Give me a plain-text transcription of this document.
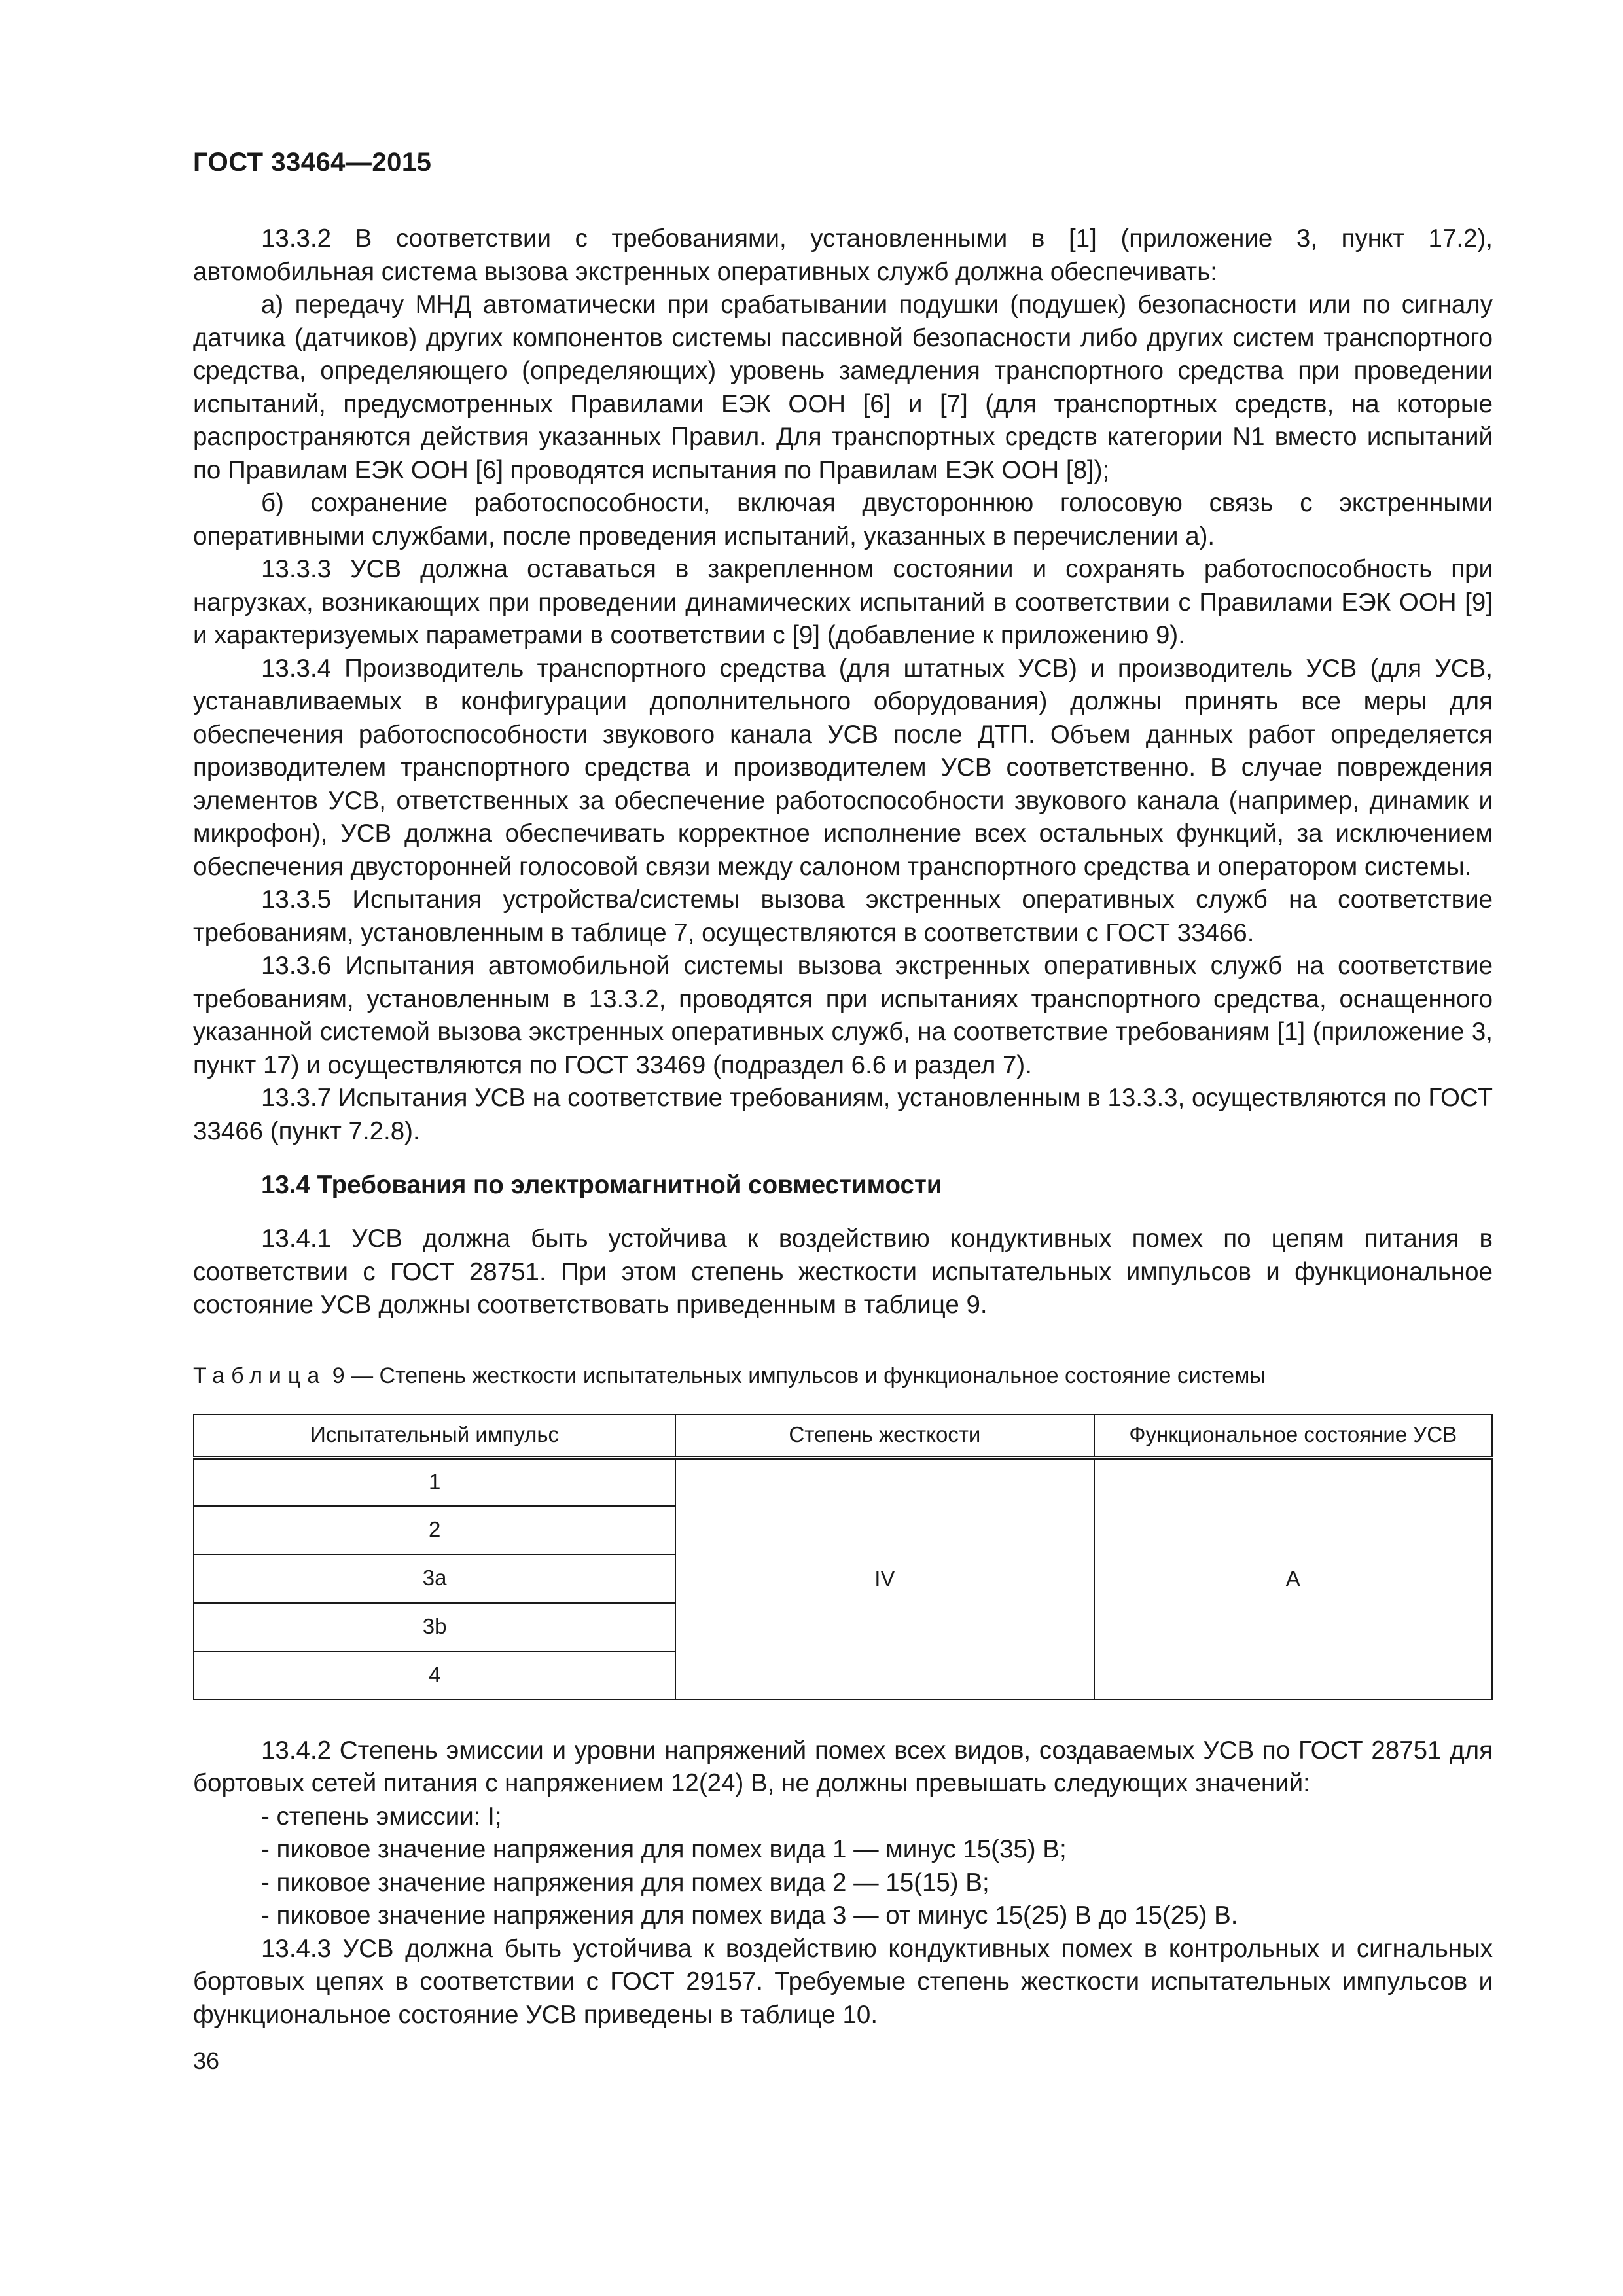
ГОСТ 33464—2015

13.3.2 В соответствии с требованиями, установленными в [1] (приложение 3, пункт 17.2), автомобильная система вызова экстренных оперативных служб должна обеспечивать:

а) передачу МНД автоматически при срабатывании подушки (подушек) безопасности или по сигналу датчика (датчиков) других компонентов системы пассивной безопасности либо других систем транспортного средства, определяющего (определяющих) уровень замедления транспортного средства при проведении испытаний, предусмотренных Правилами ЕЭК ООН [6] и [7] (для транспортных средств, на которые распространяются действия указанных Правил. Для транспортных средств категории N1 вместо испытаний по Правилам ЕЭК ООН [6] проводятся испытания по Правилам ЕЭК ООН [8]);

б) сохранение работоспособности, включая двустороннюю голосовую связь с экстренными оперативными службами, после проведения испытаний, указанных в перечислении а).

13.3.3 УСВ должна оставаться в закрепленном состоянии и сохранять работоспособность при нагрузках, возникающих при проведении динамических испытаний в соответствии с Правилами ЕЭК ООН [9] и характеризуемых параметрами в соответствии с [9] (добавление к приложению 9).

13.3.4 Производитель транспортного средства (для штатных УСВ) и производитель УСВ (для УСВ, устанавливаемых в конфигурации дополнительного оборудования) должны принять все меры для обеспечения работоспособности звукового канала УСВ после ДТП. Объем данных работ определяется производителем транспортного средства и производителем УСВ соответственно. В случае повреждения элементов УСВ, ответственных за обеспечение работоспособности звукового канала (например, динамик и микрофон), УСВ должна обеспечивать корректное исполнение всех остальных функций, за исключением обеспечения двусторонней голосовой связи между салоном транспортного средства и оператором системы.

13.3.5 Испытания устройства/системы вызова экстренных оперативных служб на соответствие требованиям, установленным в таблице 7, осуществляются в соответствии с ГОСТ 33466.

13.3.6 Испытания автомобильной системы вызова экстренных оперативных служб на соответствие требованиям, установленным в 13.3.2, проводятся при испытаниях транспортного средства, оснащенного указанной системой вызова экстренных оперативных служб, на соответствие требованиям [1] (приложение 3, пункт 17) и осуществляются по ГОСТ 33469 (подраздел 6.6 и раздел 7).

13.3.7 Испытания УСВ на соответствие требованиям, установленным в 13.3.3, осуществляются по ГОСТ 33466 (пункт 7.2.8).

13.4 Требования по электромагнитной совместимости

13.4.1 УСВ должна быть устойчива к воздействию кондуктивных помех по цепям питания в соответствии с ГОСТ 28751. При этом степень жесткости испытательных импульсов и функциональное состояние УСВ должны соответствовать приведенным в таблице 9.

Таблица 9 — Степень жесткости испытательных импульсов и функциональное состояние системы
Испытательный импульс	Степень жесткости	Функциональное состояние УСВ
1	IV	А
2		
3a		
3b		
4		

13.4.2 Степень эмиссии и уровни напряжений помех всех видов, создаваемых УСВ по ГОСТ 28751 для бортовых сетей питания с напряжением 12(24) В, не должны превышать следующих значений:

- степень эмиссии: I;

- пиковое значение напряжения для помех вида 1 — минус 15(35) В;

- пиковое значение напряжения для помех вида 2 — 15(15) В;

- пиковое значение напряжения для помех вида 3 — от минус 15(25) В до 15(25) В.

13.4.3 УСВ должна быть устойчива к воздействию кондуктивных помех в контрольных и сигнальных бортовых цепях в соответствии с ГОСТ 29157. Требуемые степень жесткости испытательных импульсов и функциональное состояние УСВ приведены в таблице 10.

36
